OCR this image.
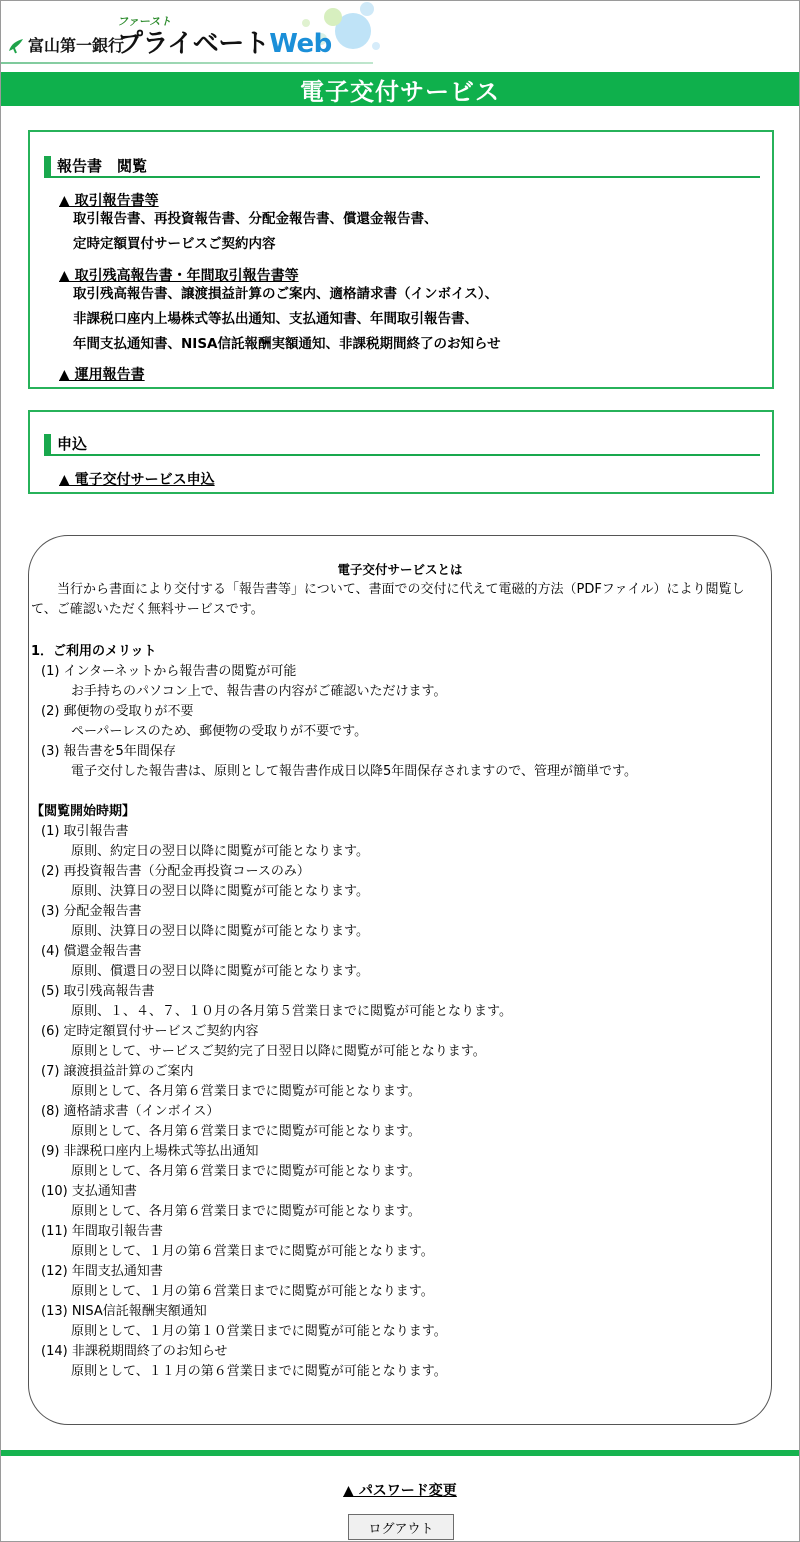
富山第一銀行
ファースト
プライベートWeb
電子交付サービス
報告書　閲覧
▲ 取引報告書等
取引報告書、再投資報告書、分配金報告書、償還金報告書、
定時定額買付サービスご契約内容
▲ 取引残高報告書・年間取引報告書等
取引残高報告書、譲渡損益計算のご案内、適格請求書（インボイス）、
非課税口座内上場株式等払出通知、支払通知書、年間取引報告書、
年間支払通知書、NISA信託報酬実額通知、非課税期間終了のお知らせ
▲ 運用報告書
申込
▲ 電子交付サービス申込
電子交付サービスとは
当行から書面により交付する「報告書等」について、書面での交付に代えて電磁的方法（PDFファイル）により閲覧して、ご確認いただく無料サービスです。
1．ご利用のメリット
(1) インターネットから報告書の閲覧が可能
お手持ちのパソコン上で、報告書の内容がご確認いただけます。
(2) 郵便物の受取りが不要
ペーパーレスのため、郵便物の受取りが不要です。
(3) 報告書を5年間保存
電子交付した報告書は、原則として報告書作成日以降5年間保存されますので、管理が簡単です。
【閲覧開始時期】
(1) 取引報告書
原則、約定日の翌日以降に閲覧が可能となります。
(2) 再投資報告書（分配金再投資コースのみ）
原則、決算日の翌日以降に閲覧が可能となります。
(3) 分配金報告書
原則、決算日の翌日以降に閲覧が可能となります。
(4) 償還金報告書
原則、償還日の翌日以降に閲覧が可能となります。
(5) 取引残高報告書
原則、１、４、７、１０月の各月第５営業日までに閲覧が可能となります。
(6) 定時定額買付サービスご契約内容
原則として、サービスご契約完了日翌日以降に閲覧が可能となります。
(7) 譲渡損益計算のご案内
原則として、各月第６営業日までに閲覧が可能となります。
(8) 適格請求書（インボイス）
原則として、各月第６営業日までに閲覧が可能となります。
(9) 非課税口座内上場株式等払出通知
原則として、各月第６営業日までに閲覧が可能となります。
(10) 支払通知書
原則として、各月第６営業日までに閲覧が可能となります。
(11) 年間取引報告書
原則として、１月の第６営業日までに閲覧が可能となります。
(12) 年間支払通知書
原則として、１月の第６営業日までに閲覧が可能となります。
(13) NISA信託報酬実額通知
原則として、１月の第１０営業日までに閲覧が可能となります。
(14) 非課税期間終了のお知らせ
原則として、１１月の第６営業日までに閲覧が可能となります。
▲ パスワード変更
ログアウト
